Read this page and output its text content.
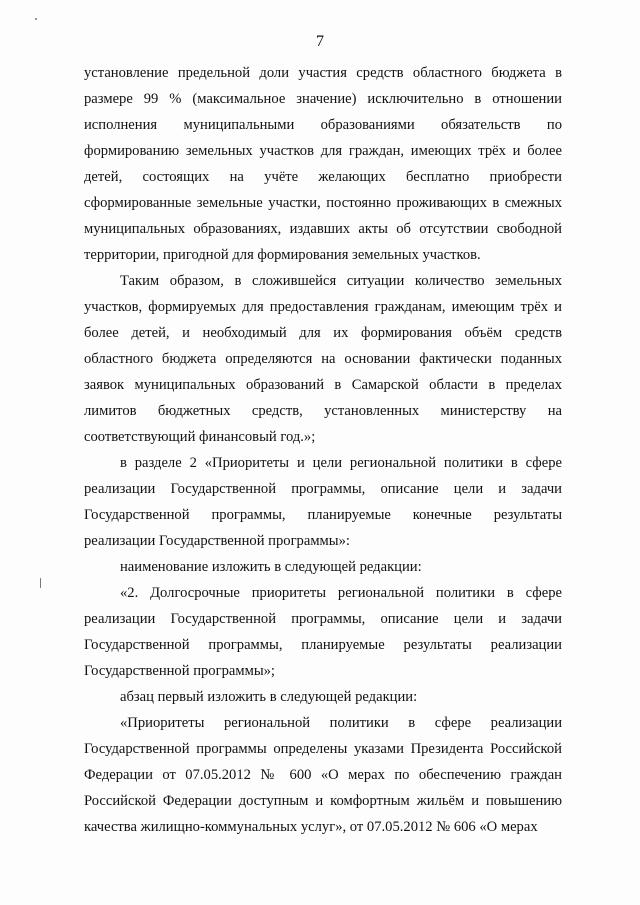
7

установление предельной доли участия средств областного бюджета в размере 99 % (максимальное значение) исключительно в отношении исполнения муниципальными образованиями обязательств по формированию земельных участков для граждан, имеющих трёх и более детей, состоящих на учёте желающих бесплатно приобрести сформированные земельные участки, постоянно проживающих в смежных муниципальных образованиях, издавших акты об отсутствии свободной территории, пригодной для формирования земельных участков.

Таким образом, в сложившейся ситуации количество земельных участков, формируемых для предоставления гражданам, имеющим трёх и более детей, и необходимый для их формирования объём средств областного бюджета определяются на основании фактически поданных заявок муниципальных образований в Самарской области в пределах лимитов бюджетных средств, установленных министерству на соответствующий финансовый год.»;

в разделе 2 «Приоритеты и цели региональной политики в сфере реализации Государственной программы, описание цели и задачи Государственной программы, планируемые конечные результаты реализации Государственной программы»:

наименование изложить в следующей редакции:

«2. Долгосрочные приоритеты региональной политики в сфере реализации Государственной программы, описание цели и задачи Государственной программы, планируемые результаты реализации Государственной программы»;

абзац первый изложить в следующей редакции:

«Приоритеты региональной политики в сфере реализации Государственной программы определены указами Президента Российской Федерации от 07.05.2012 № 600 «О мерах по обеспечению граждан Российской Федерации доступным и комфортным жильём и повышению качества жилищно-коммунальных услуг», от 07.05.2012 № 606 «О мерах
